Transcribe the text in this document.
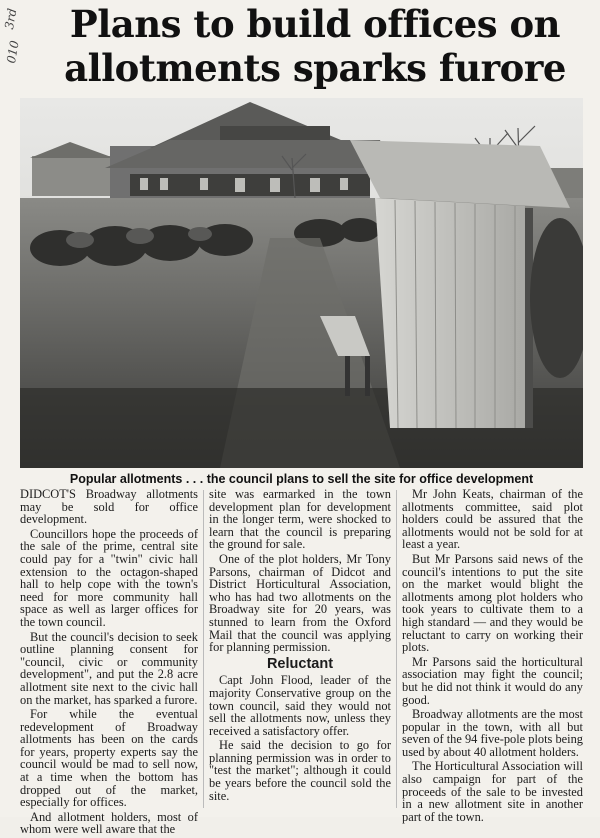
3rd
010
Plans to build offices on allotments sparks furore
Popular allotments . . . the council plans to sell the site for office development

DIDCOT'S Broadway allotments may be sold for office development.

Councillors hope the proceeds of the sale of the prime, central site could pay for a "twin" civic hall extension to the octagon-shaped hall to help cope with the town's need for more community hall space as well as larger offices for the town council.

But the council's decision to seek outline planning consent for "council, civic or community development", and put the 2.8 acre allotment site next to the civic hall on the market, has sparked a furore.

For while the eventual redevelopment of Broadway allotments has been on the cards for years, property experts say the council would be mad to sell now, at a time when the bottom has dropped out of the market, especially for offices.

And allotment holders, most of whom were well aware that the

site was earmarked in the town development plan for development in the longer term, were shocked to learn that the council is preparing the ground for sale.

One of the plot holders, Mr Tony Parsons, chairman of Didcot and District Horticultural Association, who has had two allotments on the Broadway site for 20 years, was stunned to learn from the Oxford Mail that the council was applying for planning permission.

Reluctant

Capt John Flood, leader of the majority Conservative group on the town council, said they would not sell the allotments now, unless they received a satisfactory offer.

He said the decision to go for planning permission was in order to "test the market"; although it could be years before the council sold the site.

Mr John Keats, chairman of the allotments committee, said plot holders could be assured that the allotments would not be sold for at least a year.

But Mr Parsons said news of the council's intentions to put the site on the market would blight the allotments among plot holders who took years to cultivate them to a high standard — and they would be reluctant to carry on working their plots.

Mr Parsons said the horticultural association may fight the council; but he did not think it would do any good.

Broadway allotments are the most popular in the town, with all but seven of the 94 five-pole plots being used by about 40 allotment holders.

The Horticultural Association will also campaign for part of the proceeds of the sale to be invested in a new allotment site in another part of the town.
